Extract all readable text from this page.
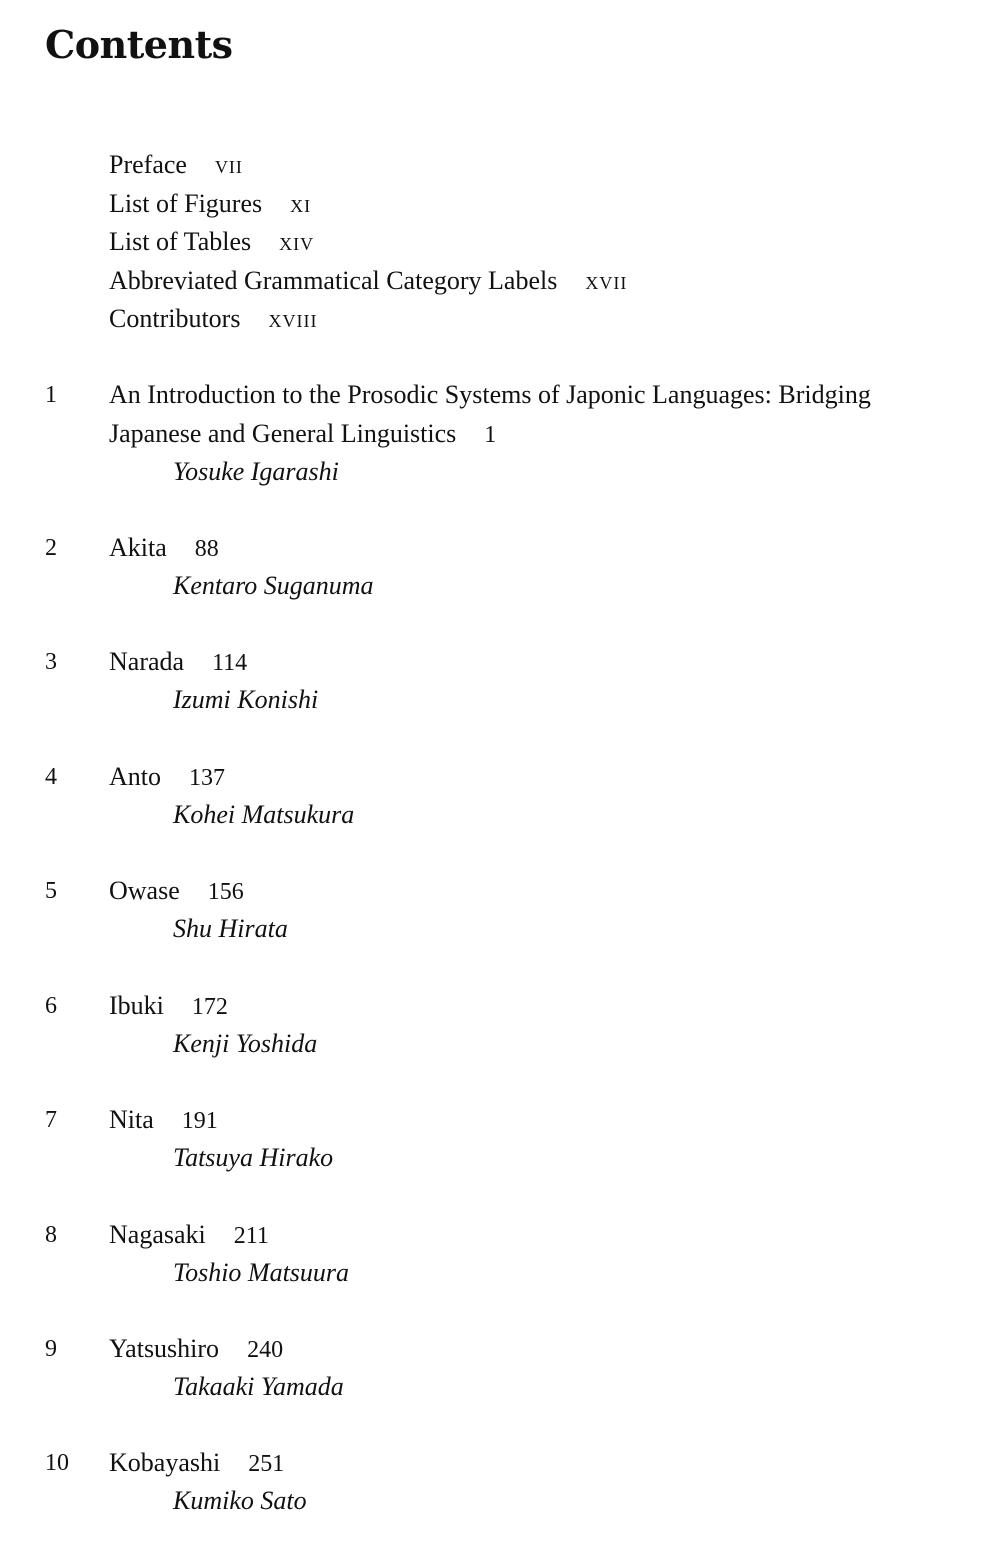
Contents
Preface vii
List of Figures xi
List of Tables xiv
Abbreviated Grammatical Category Labels xvii
Contributors xviii
1 An Introduction to the Prosodic Systems of Japonic Languages: Bridging
Japanese and General Linguistics 1
Yosuke Igarashi
2 Akita 88
Kentaro Suganuma
3 Narada 114
Izumi Konishi
4 Anto 137
Kohei Matsukura
5 Owase 156
Shu Hirata
6 Ibuki 172
Kenji Yoshida
7 Nita 191
Tatsuya Hirako
8 Nagasaki 211
Toshio Matsuura
9 Yatsushiro 240
Takaaki Yamada
10 Kobayashi 251
Kumiko Sato
